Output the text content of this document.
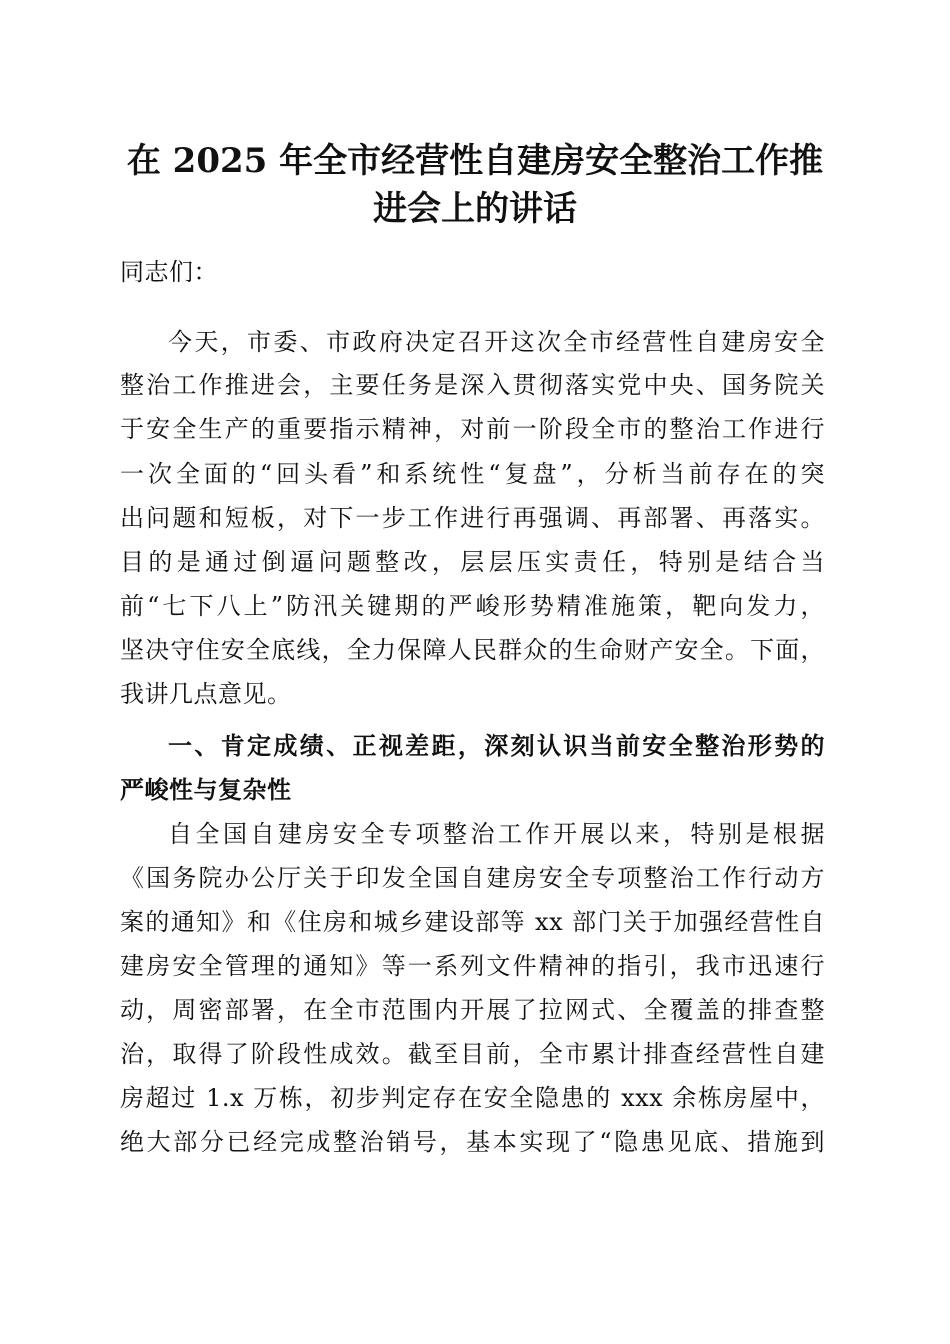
在 2025 年全市经营性自建房安全整治工作推
进会上的讲话
同志们：
今天，市委、市政府决定召开这次全市经营性自建房安全
整治工作推进会，主要任务是深入贯彻落实党中央、国务院关
于安全生产的重要指示精神，对前一阶段全市的整治工作进行
一次全面的“回头看”和系统性“复盘”，分析当前存在的突
出问题和短板，对下一步工作进行再强调、再部署、再落实。
目的是通过倒逼问题整改，层层压实责任，特别是结合当
前“七下八上”防汛关键期的严峻形势精准施策，靶向发力，
坚决守住安全底线，全力保障人民群众的生命财产安全。下面，
我讲几点意见。
一、肯定成绩、正视差距，深刻认识当前安全整治形势的
严峻性与复杂性
自全国自建房安全专项整治工作开展以来，特别是根据
《国务院办公厅关于印发全国自建房安全专项整治工作行动方
案的通知》和《住房和城乡建设部等 xx 部门关于加强经营性自
建房安全管理的通知》等一系列文件精神的指引，我市迅速行
动，周密部署，在全市范围内开展了拉网式、全覆盖的排查整
治，取得了阶段性成效。截至目前，全市累计排查经营性自建
房超过 1.x 万栋，初步判定存在安全隐患的 xxx 余栋房屋中，
绝大部分已经完成整治销号，基本实现了“隐患见底、措施到
